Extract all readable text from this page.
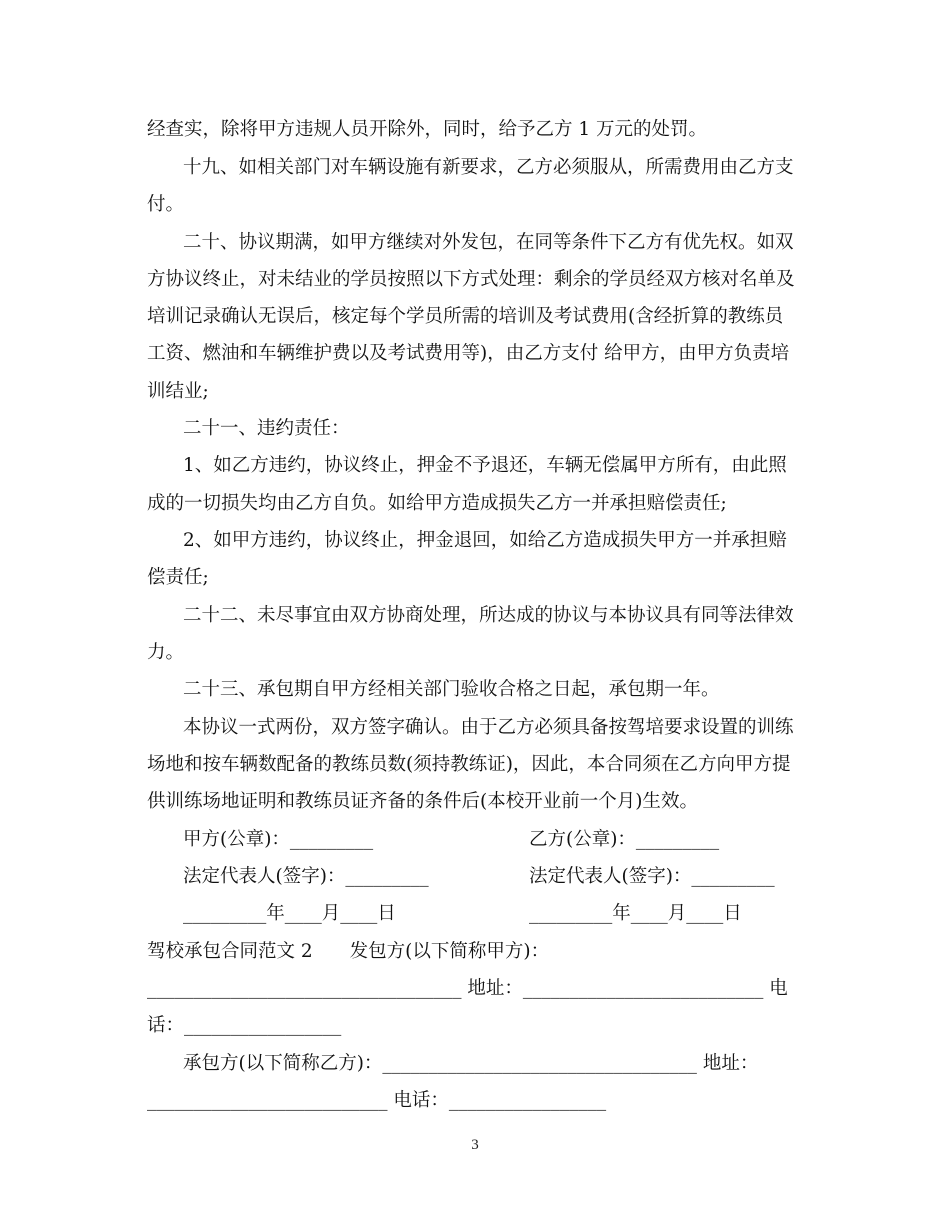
经查实，除将甲方违规人员开除外，同时，给予乙方 1 万元的处罚。
十九、如相关部门对车辆设施有新要求，乙方必须服从，所需费用由乙方支
付。
二十、协议期满，如甲方继续对外发包，在同等条件下乙方有优先权。如双
方协议终止，对未结业的学员按照以下方式处理：剩余的学员经双方核对名单及
培训记录确认无误后，核定每个学员所需的培训及考试费用(含经折算的教练员
工资、燃油和车辆维护费以及考试费用等)，由乙方支付 给甲方，由甲方负责培
训结业;
二十一、违约责任：
1、如乙方违约，协议终止，押金不予退还，车辆无偿属甲方所有，由此照
成的一切损失均由乙方自负。如给甲方造成损失乙方一并承担赔偿责任;
2、如甲方违约，协议终止，押金退回，如给乙方造成损失甲方一并承担赔
偿责任;
二十二、未尽事宜由双方协商处理，所达成的协议与本协议具有同等法律效
力。
二十三、承包期自甲方经相关部门验收合格之日起，承包期一年。
本协议一式两份，双方签字确认。由于乙方必须具备按驾培要求设置的训练
场地和按车辆数配备的教练员数(须持教练证)，因此，本合同须在乙方向甲方提
供训练场地证明和教练员证齐备的条件后(本校开业前一个月)生效。
甲方(公章)：_________	乙方(公章)：_________
法定代表人(签字)：_________	法定代表人(签字)：_________
_________年____月____日	_________年____月____日
驾校承包合同范文 2　　发包方(以下简称甲方)：
__________________________________ 地址：__________________________ 电
话：_________________
承包方(以下简称乙方)：__________________________________ 地址：
__________________________ 电话：_________________
3
